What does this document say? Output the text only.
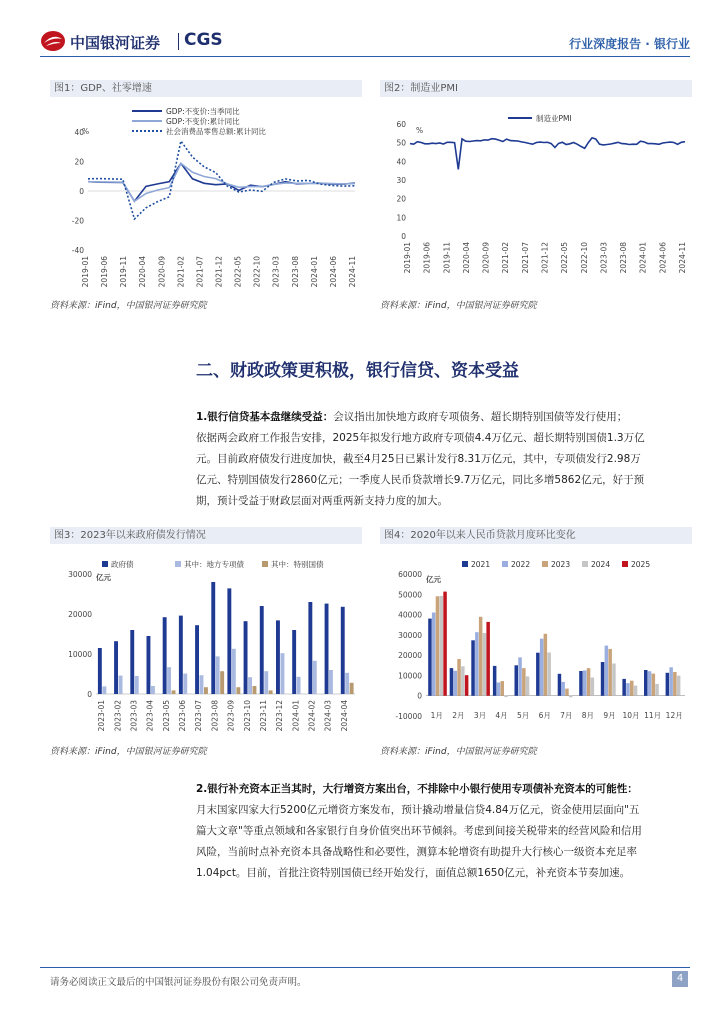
中国银河证券 CGS	行业深度报告 · 银行业
图1：GDP、社零增速
2019-01 2019-06 2019-11 2020-04 2020-09 2021-02 2021-07 2021-12 2022-05 2022-10 2023-03 2023-08 2024-01 2024-06 2024-11
40
20
0
-20
-40
GDP:不变价:当季同比
GDP:不变价:累计同比
社会消费品零售总额:累计同比
%
资料来源：iFind，中国银河证券研究院
图2：制造业PMI
2019-01 2019-06 2019-11 2020-04 2020-09 2021-02 2021-07 2021-12 2022-05 2022-10 2023-03 2023-08 2024-01 2024-06 2024-11
60
50
40
30
20
10
0
制造业PMI
%
资料来源：iFind，中国银河证券研究院
二、财政政策更积极，银行信贷、资本受益
1.银行信贷基本盘继续受益：会议指出加快地方政府专项债务、超长期特别国债等发行使用；
依据两会政府工作报告安排，2025年拟发行地方政府专项债4.4万亿元、超长期特别国债1.3万亿
元。目前政府债发行进度加快，截至4月25日已累计发行8.31万亿元，其中，专项债发行2.98万
亿元、特别国债发行2860亿元；一季度人民币贷款增长9.7万亿元，同比多增5862亿元，好于预
期，预计受益于财政层面对两重两新支持力度的加大。
图3：2023年以来政府债发行情况
2023-01 2023-02 2023-03 2023-04 2023-05 2023-06 2023-07 2023-08 2023-09 2023-10 2023-11 2023-12 2024-01 2024-02 2024-03 2024-04
30000
20000
10000
0
政府债	其中：地方专项债	其中：特别国债
亿元
资料来源：iFind，中国银河证券研究院
图4：2020年以来人民币贷款月度环比变化
1月 2月 3月 4月 5月 6月 7月 8月 9月 10月 11月 12月
60000
50000
40000
30000
20000
10000
0
-10000
2021	2022	2023	2024	2025
亿元
资料来源：iFind，中国银河证券研究院
2.银行补充资本正当其时，大行增资方案出台，不排除中小银行使用专项债补充资本的可能性：
月末国家四家大行5200亿元增资方案发布，预计撬动增量信贷4.84万亿元，资金使用层面向"五
篇大文章"等重点领域和各家银行自身价值突出环节倾斜。考虑到间接关税带来的经营风险和信用
风险，当前时点补充资本具备战略性和必要性，测算本轮增资有助提升大行核心一级资本充足率
1.04pct。目前，首批注资特别国债已经开始发行，面值总额1650亿元，补充资本节奏加速。
请务必阅读正文最后的中国银河证券股份有限公司免责声明。	4
